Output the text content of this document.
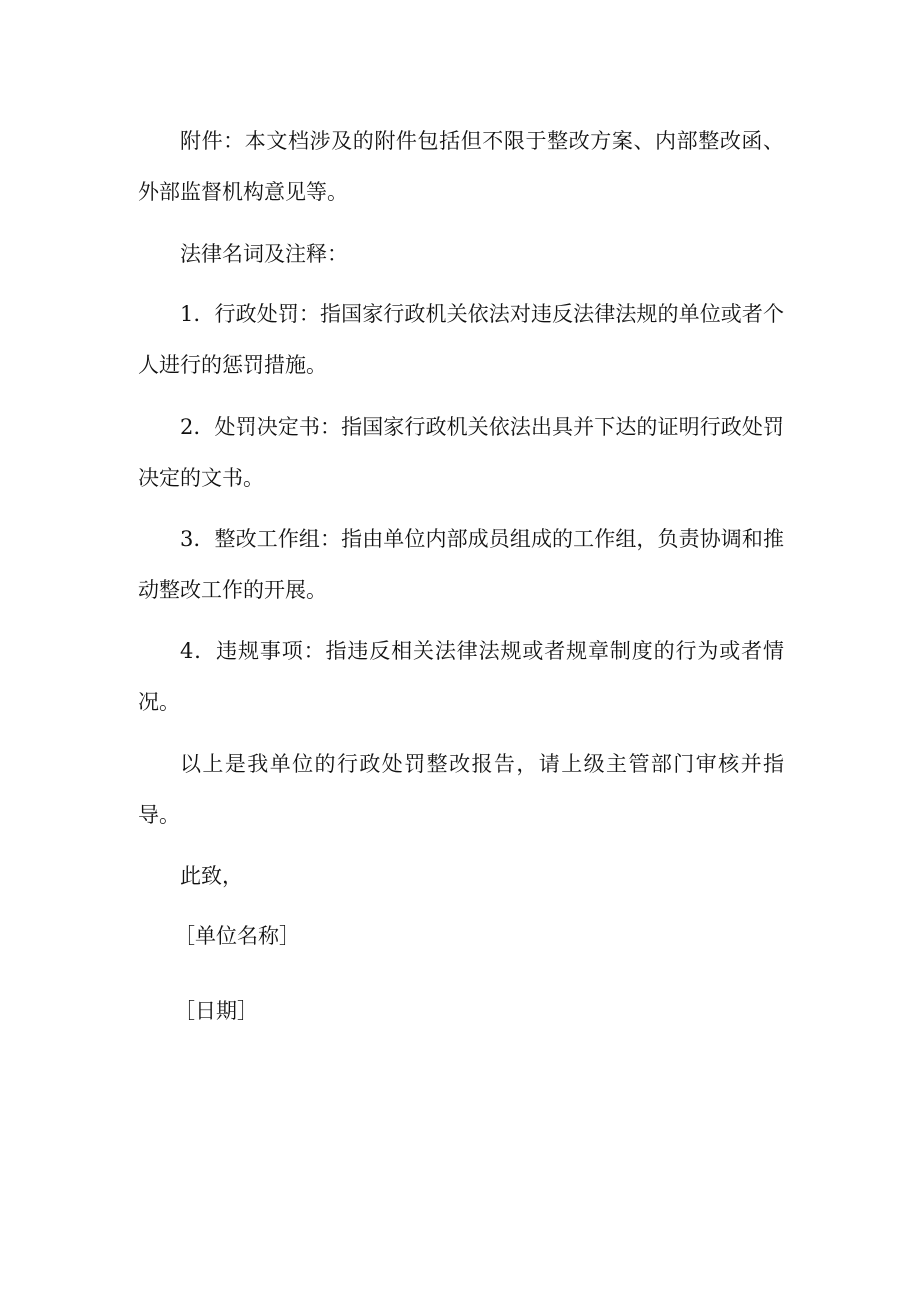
附件：本文档涉及的附件包括但不限于整改方案、内部整改函、外部监督机构意见等。

法律名词及注释：

1．行政处罚：指国家行政机关依法对违反法律法规的单位或者个人进行的惩罚措施。

2．处罚决定书：指国家行政机关依法出具并下达的证明行政处罚决定的文书。

3．整改工作组：指由单位内部成员组成的工作组，负责协调和推动整改工作的开展。

4．违规事项：指违反相关法律法规或者规章制度的行为或者情况。

以上是我单位的行政处罚整改报告，请上级主管部门审核并指导。

此致，

［单位名称］

［日期］
